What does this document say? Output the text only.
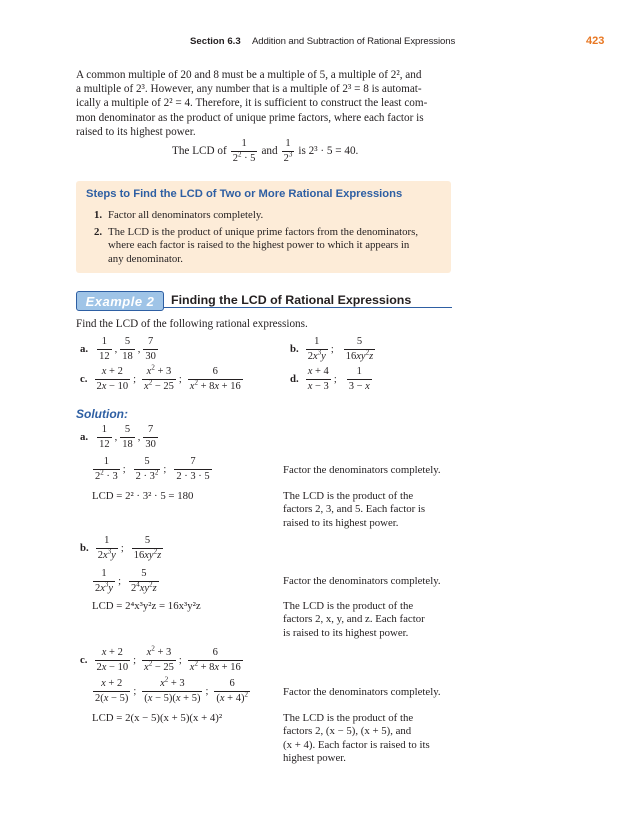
Section 6.3 Addition and Subtraction of Rational Expressions	423
A common multiple of 20 and 8 must be a multiple of 5, a multiple of 2², and
a multiple of 2³. However, any number that is a multiple of 2³ = 8 is automat-
ically a multiple of 2² = 4. Therefore, it is sufficient to construct the least com-
mon denominator as the product of unique prime factors, where each factor is
raised to its highest power.
The LCD of $\frac{1}{2^2 \cdot 5}$ and $\frac{1}{2^3}$ is 2³ · 5 = 40.
Steps to Find the LCD of Two or More Rational Expressions
1. Factor all denominators completely.
2. The LCD is the product of unique prime factors from the denominators,
where each factor is raised to the highest power to which it appears in
any denominator.
Example 2	Finding the LCD of Rational Expressions
Find the LCD of the following rational expressions.
a. $\frac{1}{12}$ , $\frac{5}{18}$ , $\frac{7}{30}$	b. $\frac{1}{2x^3y}$ ; $\frac{5}{16xy^2z}$
c. $\frac{x + 2}{2x - 10}$ ; $\frac{x^2 + 3}{x^2 - 25}$ ; $\frac{6}{x^2 + 8x + 16}$	d. $\frac{x + 4}{x - 3}$ ; $\frac{1}{3 - x}$
Solution:
a. $\frac{1}{12}$ , $\frac{5}{18}$ , $\frac{7}{30}$
$\frac{1}{2^2 \cdot 3}$ ; $\frac{5}{2 \cdot 3^2}$ ; $\frac{7}{2 \cdot 3 \cdot 5}$	Factor the denominators completely.
LCD = 2² · 3² · 5 = 180	The LCD is the product of the
factors 2, 3, and 5. Each factor is
raised to its highest power.
b. $\frac{1}{2x^3y}$ ; $\frac{5}{16xy^2z}$
$\frac{1}{2x^3y}$ ; $\frac{5}{2^4xy^2z}$	Factor the denominators completely.
LCD = 2⁴x³y²z = 16x³y²z	The LCD is the product of the
factors 2, x, y, and z. Each factor
is raised to its highest power.
c. $\frac{x + 2}{2x - 10}$ ; $\frac{x^2 + 3}{x^2 - 25}$ ; $\frac{6}{x^2 + 8x + 16}$
$\frac{x + 2}{2(x - 5)}$ ; $\frac{x^2 + 3}{(x - 5)(x + 5)}$ ; $\frac{6}{(x + 4)^2}$	Factor the denominators completely.
LCD = 2(x − 5)(x + 5)(x + 4)²	The LCD is the product of the
factors 2, (x − 5), (x + 5), and
(x + 4). Each factor is raised to its
highest power.
